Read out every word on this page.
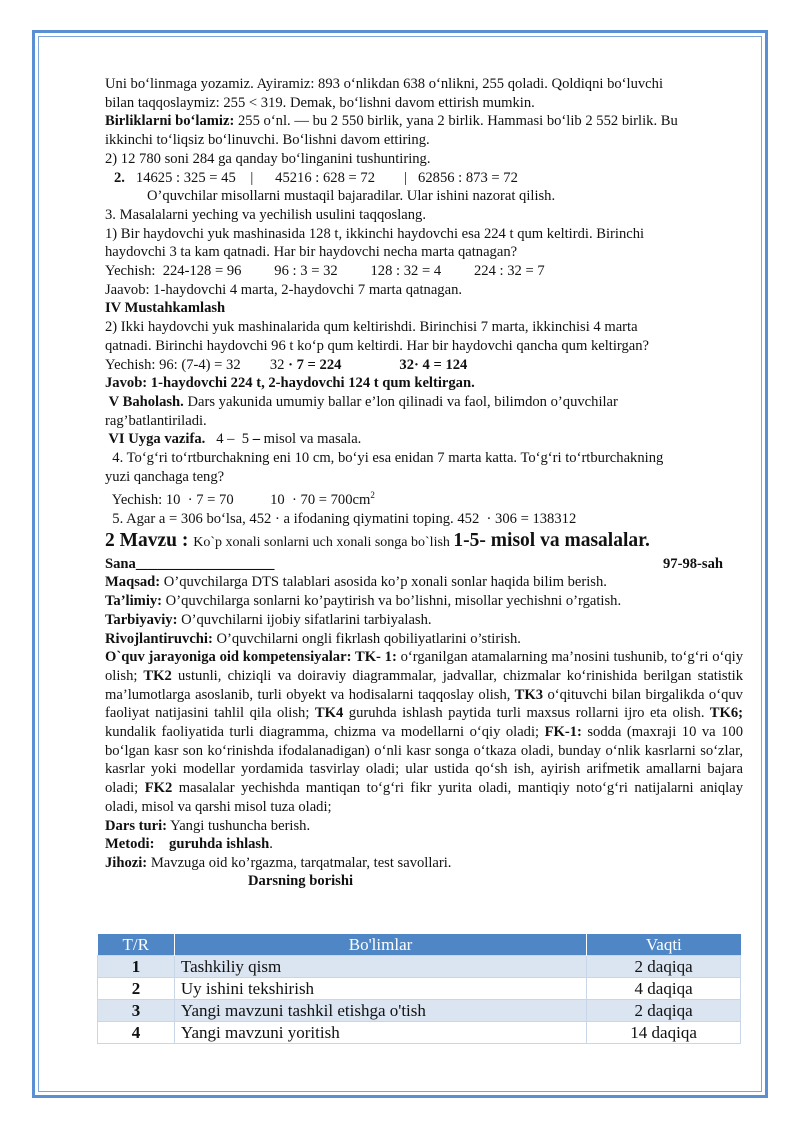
Uni bo‘linmaga yozamiz. Ayiramiz: 893 o‘nlikdan 638 o‘nlikni, 255 qoladi. Qoldiqni bo‘luvchi

bilan taqqoslaymiz: 255 < 319. Demak, bo‘lishni davom ettirish mumkin.

Birliklarni bo‘lamiz: 255 o‘nl. — bu 2 550 birlik, yana 2 birlik. Hammasi bo‘lib 2 552 birlik. Bu

ikkinchi to‘liqsiz bo‘linuvchi. Bo‘lishni davom ettiring.

2) 12 780 soni 284 ga qanday bo‘linganini tushuntiring.

2.   14625 : 325 = 45    |      45216 : 628 = 72        |   62856 : 873 = 72

O’quvchilar misollarni mustaqil bajaradilar. Ular ishini nazorat qilish.

3. Masalalarni yeching va yechilish usulini taqqoslang.

1) Bir haydovchi yuk mashinasida 128 t, ikkinchi haydovchi esa 224 t qum keltirdi. Birinchi

haydovchi 3 ta kam qatnadi. Har bir haydovchi necha marta qatnagan?

Yechish:  224-128 = 96         96 : 3 = 32         128 : 32 = 4         224 : 32 = 7

Jaavob: 1-haydovchi 4 marta, 2-haydovchi 7 marta qatnagan.

IV Mustahkamlash

2) Ikki haydovchi yuk mashinalarida qum keltirishdi. Birinchisi 7 marta, ikkinchisi 4 marta

qatnadi. Birinchi haydovchi 96 t ko‘p qum keltirdi. Har bir haydovchi qancha qum keltirgan?

Yechish: 96: (7-4) = 32        32 · 7 = 224	32· 4 = 124

Javob: 1-haydovchi 224 t, 2-haydovchi 124 t qum keltirgan.

V Baholash. Dars yakunida umumiy ballar e’lon qilinadi va faol, bilimdon o’quvchilar

rag’batlantiriladi.

VI Uyga vazifa.   4 –  5 – misol va masala.

4. To‘g‘ri to‘rtburchakning eni 10 cm, bo‘yi esa enidan 7 marta katta. To‘g‘ri to‘rtburchakning

yuzi qanchaga teng?

Yechish: 10  · 7 = 70          $10 \cdot 70 = 700cm^2$

5. Agar a = 306 bo‘lsa, 452 · a ifodaning qiymatini toping. 452  · 306 = 138312

2 Mavzu : Ko`p xonali sonlarni uch xonali songa bo`lish 1-5- misol va masalalar.

Sana___________________	97-98-sah

Maqsad: O’quvchilarga DTS talablari asosida ko’p xonali sonlar haqida bilim berish.

Ta’limiy: O’quvchilarga sonlarni ko’paytirish va bo’lishni, misollar yechishni o’rgatish.

Tarbiyaviy: O’quvchilarni ijobiy sifatlarini tarbiyalash.

Rivojlantiruvchi: O’quvchilarni ongli fikrlash qobiliyatlarini o’stirish.

O`quv jarayoniga oid kompetensiyalar: TK- 1: o‘rganilgan atamalarning ma’nosini tushunib, to‘g‘ri o‘qiy olish; TK2 ustunli, chiziqli va doiraviy diagrammalar, jadvallar, chizmalar ko‘rinishida berilgan statistik ma’lumotlarga asoslanib, turli obyekt va hodisalarni taqqoslay olish, TK3 o‘qituvchi bilan birgalikda o‘quv faoliyat natijasini tahlil qila olish; TK4 guruhda ishlash paytida turli maxsus rollarni ijro eta olish. TK6; kundalik faoliyatida turli diagramma, chizma va modellarni o‘qiy oladi; FK-1: sodda (maxraji 10 va 100 bo‘lgan kasr son ko‘rinishda ifodalanadigan) o‘nli kasr songa o‘tkaza oladi, bunday o‘nlik kasrlarni so‘zlar, kasrlar yoki modellar yordamida tasvirlay oladi; ular ustida qo‘sh ish, ayirish arifmetik amallarni bajara oladi; FK2 masalalar yechishda mantiqan to‘g‘ri fikr yurita oladi, mantiqiy noto‘g‘ri natijalarni aniqlay oladi, misol va qarshi misol tuza oladi;

Dars turi: Yangi tushuncha berish.

Metodi:    guruhda ishlash.

Jihozi: Mavzuga oid ko’rgazma, tarqatmalar, test savollari.

Darsning borishi

T/R	Bo'limlar	Vaqti
1	Tashkiliy qism	2 daqiqa
2	Uy ishini tekshirish	4 daqiqa
3	Yangi mavzuni tashkil etishga o'tish	2 daqiqa
4	Yangi mavzuni yoritish	14 daqiqa
